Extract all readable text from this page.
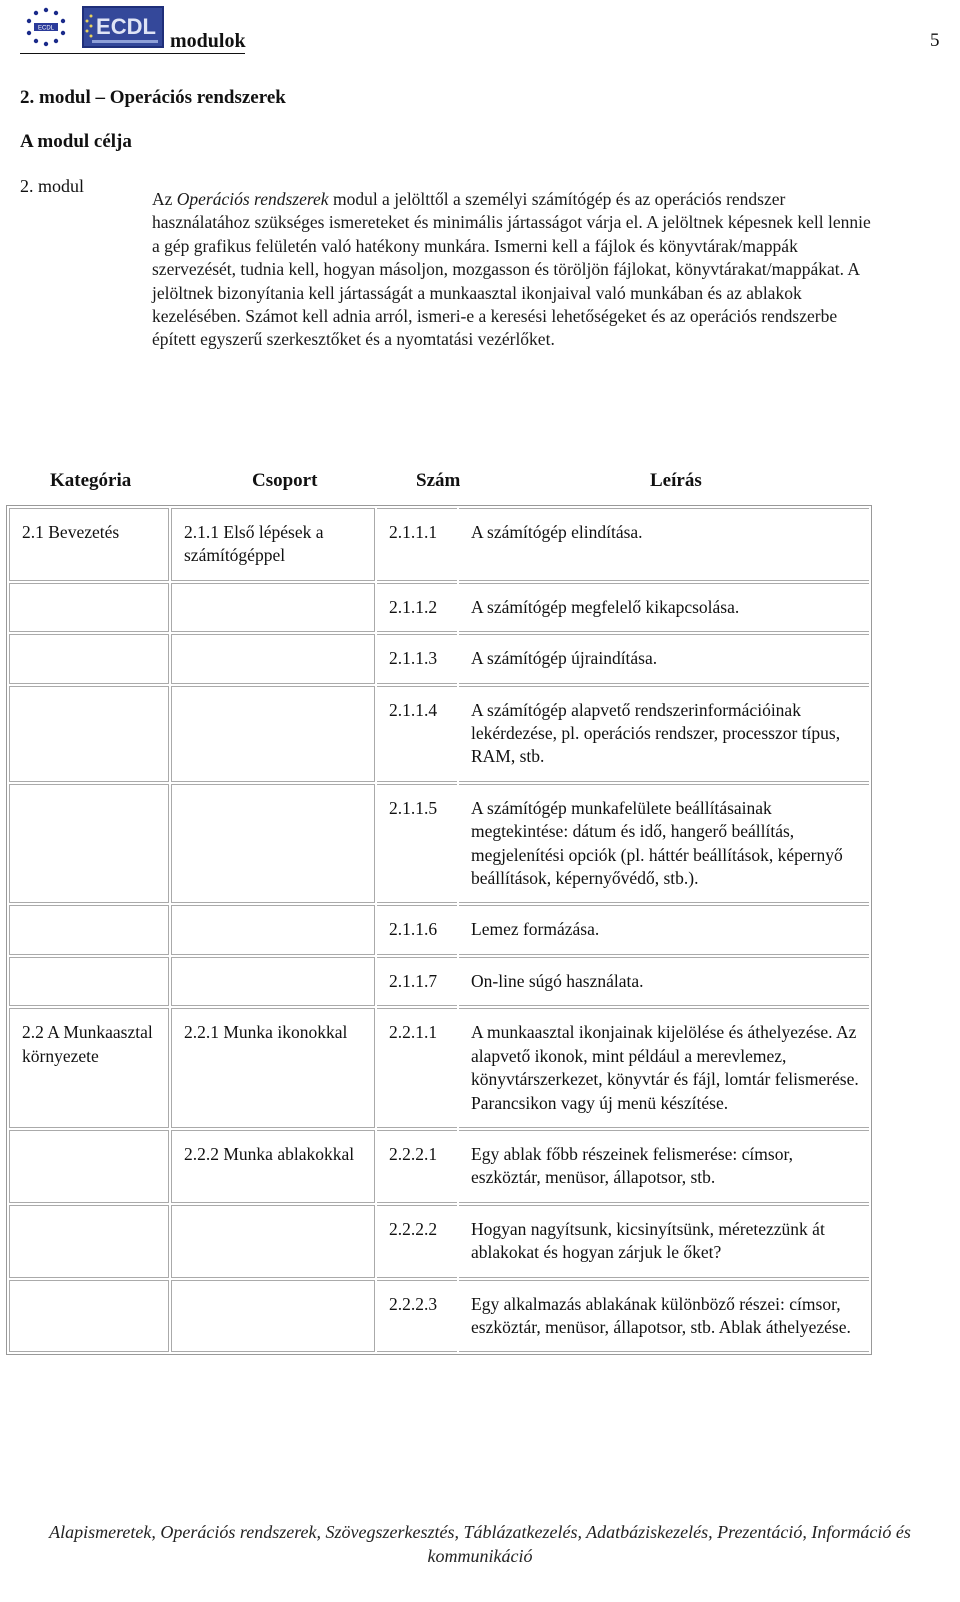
ECDL ECDL
modulok	5
2. modul – Operációs rendszerek
A modul célja
2. modul
Az Operációs rendszerek modul a jelölttől a személyi számítógép és az operációs rendszer használatához szükséges ismereteket és minimális jártasságot várja el. A jelöltnek képesnek kell lennie a gép grafikus felületén való hatékony munkára. Ismerni kell a fájlok és könyvtárak/mappák szervezését, tudnia kell, hogyan másoljon, mozgasson és töröljön fájlokat, könyvtárakat/mappákat. A jelöltnek bizonyítania kell jártasságát a munkaasztal ikonjaival való munkában és az ablakok kezelésében. Számot kell adnia arról, ismeri-e a keresési lehetőségeket és az operációs rendszerbe épített egyszerű szerkesztőket és a nyomtatási vezérlőket.
Kategória	Csoport	Szám	Leírás
2.1 Bevezetés	2.1.1 Első lépések a számítógéppel	2.1.1.1	A számítógép elindítása.
		2.1.1.2	A számítógép megfelelő kikapcsolása.
		2.1.1.3	A számítógép újraindítása.
		2.1.1.4	A számítógép alapvető rendszerinformációinak lekérdezése, pl. operációs rendszer, processzor típus, RAM, stb.
		2.1.1.5	A számítógép munkafelülete beállításainak megtekintése: dátum és idő, hangerő beállítás, megjelenítési opciók (pl. háttér beállítások, képernyő beállítások, képernyővédő, stb.).
		2.1.1.6	Lemez formázása.
		2.1.1.7	On-line súgó használata.
2.2 A Munkaasztal környezete	2.2.1 Munka ikonokkal	2.2.1.1	A munkaasztal ikonjainak kijelölése és áthelyezése. Az alapvető ikonok, mint például a merevlemez, könyvtárszerkezet, könyvtár és fájl, lomtár felismerése. Parancsikon vagy új menü készítése.
	2.2.2 Munka ablakokkal	2.2.2.1	Egy ablak főbb részeinek felismerése: címsor, eszköztár, menüsor, állapotsor, stb.
		2.2.2.2	Hogyan nagyítsunk, kicsinyítsünk, méretezzünk át ablakokat és hogyan zárjuk le őket?
		2.2.2.3	Egy alkalmazás ablakának különböző részei: címsor, eszköztár, menüsor, állapotsor, stb. Ablak áthelyezése.
Alapismeretek, Operációs rendszerek, Szövegszerkesztés, Táblázatkezelés, Adatbáziskezelés, Prezentáció, Információ és kommunikáció
